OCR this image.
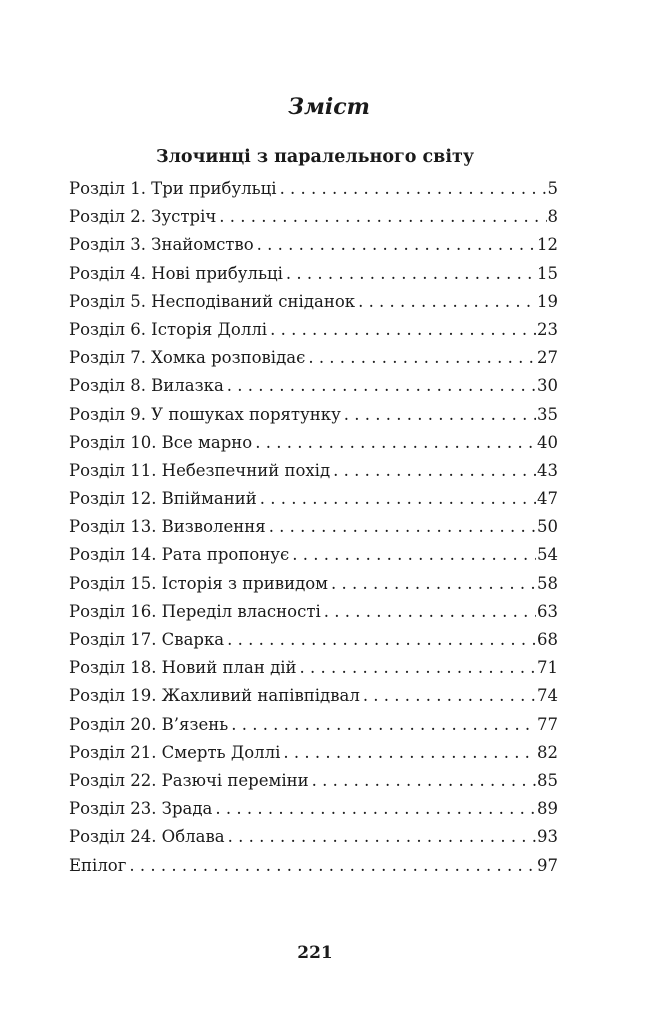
Зміст
Злочинці з паралельного світу
Розділ 1. Три прибульці . . .	5
Розділ 2. Зустріч . . .	8
Розділ 3. Знайомство . . .	12
Розділ 4. Нові прибульці . . .	15
Розділ 5. Несподіваний сніданок . . .	19
Розділ 6. Історія Доллі . . .	23
Розділ 7. Хомка розповідає . . .	27
Розділ 8. Вилазка . . .	30
Розділ 9. У пошуках порятунку . . .	35
Розділ 10. Все марно . . .	40
Розділ 11. Небезпечний похід . . .	43
Розділ 12. Впійманий . . .	47
Розділ 13. Визволення . . .	50
Розділ 14. Рата пропонує . . .	54
Розділ 15. Історія з привидом . . .	58
Розділ 16. Переділ власності . . .	63
Розділ 17. Сварка . . .	68
Розділ 18. Новий план дій . . .	71
Розділ 19. Жахливий напівпідвал . . .	74
Розділ 20. В’язень . . .	77
Розділ 21. Смерть Доллі . . .	82
Розділ 22. Разючі переміни . . .	85
Розділ 23. Зрада . . .	89
Розділ 24. Облава . . .	93
Епілог . . .	97
221
